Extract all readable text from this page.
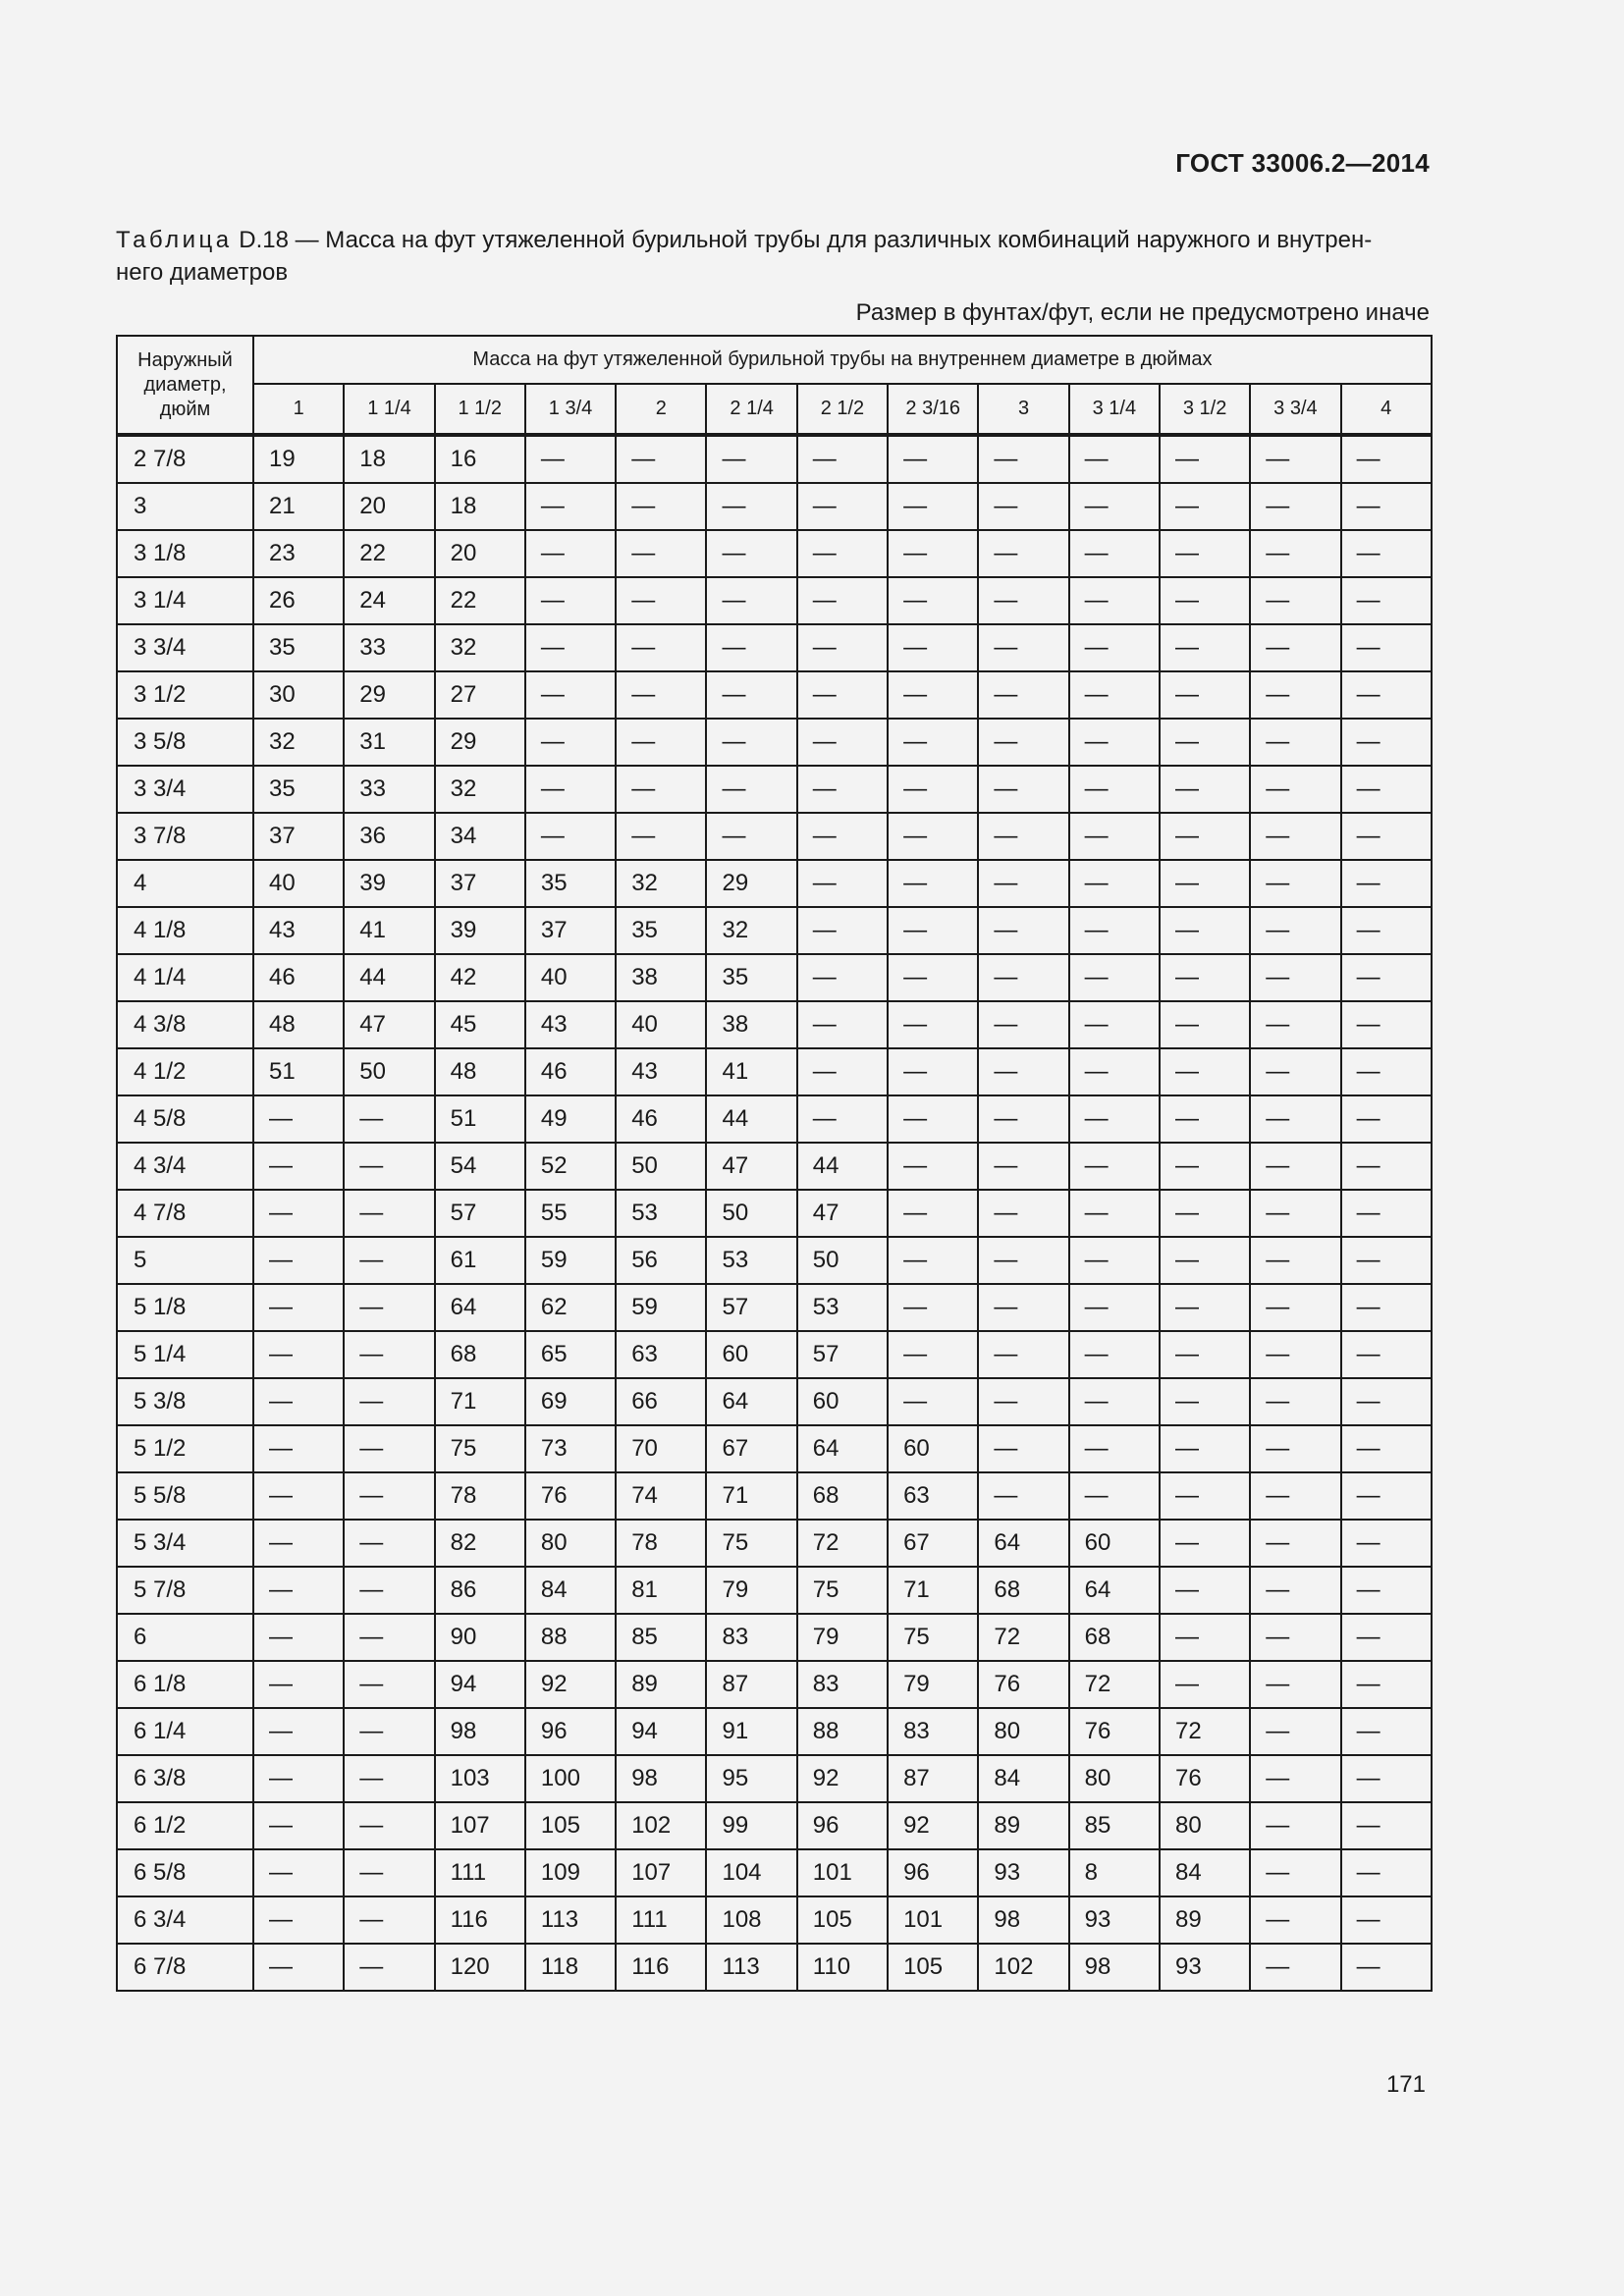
ГОСТ 33006.2—2014
Таблица D.18 — Масса на фут утяжеленной бурильной трубы для различных комбинаций наружного и внутрен-
него диаметров
Размер в фунтах/фут, если не предусмотрено иначе
Наружный диаметр, дюйм	Масса на фут утяжеленной бурильной трубы на внутреннем диаметре в дюймах												
	1	1 1/4	1 1/2	1 3/4	2	2 1/4	2 1/2	2 3/16	3	3 1/4	3 1/2	3 3/4	4
2 7/8	19	18	16	—	—	—	—	—	—	—	—	—	—
3	21	20	18	—	—	—	—	—	—	—	—	—	—
3 1/8	23	22	20	—	—	—	—	—	—	—	—	—	—
3 1/4	26	24	22	—	—	—	—	—	—	—	—	—	—
3 3/4	35	33	32	—	—	—	—	—	—	—	—	—	—
3 1/2	30	29	27	—	—	—	—	—	—	—	—	—	—
3 5/8	32	31	29	—	—	—	—	—	—	—	—	—	—
3 3/4	35	33	32	—	—	—	—	—	—	—	—	—	—
3 7/8	37	36	34	—	—	—	—	—	—	—	—	—	—
4	40	39	37	35	32	29	—	—	—	—	—	—	—
4 1/8	43	41	39	37	35	32	—	—	—	—	—	—	—
4 1/4	46	44	42	40	38	35	—	—	—	—	—	—	—
4 3/8	48	47	45	43	40	38	—	—	—	—	—	—	—
4 1/2	51	50	48	46	43	41	—	—	—	—	—	—	—
4 5/8	—	—	51	49	46	44	—	—	—	—	—	—	—
4 3/4	—	—	54	52	50	47	44	—	—	—	—	—	—
4 7/8	—	—	57	55	53	50	47	—	—	—	—	—	—
5	—	—	61	59	56	53	50	—	—	—	—	—	—
5 1/8	—	—	64	62	59	57	53	—	—	—	—	—	—
5 1/4	—	—	68	65	63	60	57	—	—	—	—	—	—
5 3/8	—	—	71	69	66	64	60	—	—	—	—	—	—
5 1/2	—	—	75	73	70	67	64	60	—	—	—	—	—
5 5/8	—	—	78	76	74	71	68	63	—	—	—	—	—
5 3/4	—	—	82	80	78	75	72	67	64	60	—	—	—
5 7/8	—	—	86	84	81	79	75	71	68	64	—	—	—
6	—	—	90	88	85	83	79	75	72	68	—	—	—
6 1/8	—	—	94	92	89	87	83	79	76	72	—	—	—
6 1/4	—	—	98	96	94	91	88	83	80	76	72	—	—
6 3/8	—	—	103	100	98	95	92	87	84	80	76	—	—
6 1/2	—	—	107	105	102	99	96	92	89	85	80	—	—
6 5/8	—	—	111	109	107	104	101	96	93	8	84	—	—
6 3/4	—	—	116	113	111	108	105	101	98	93	89	—	—
6 7/8	—	—	120	118	116	113	110	105	102	98	93	—	—
171
